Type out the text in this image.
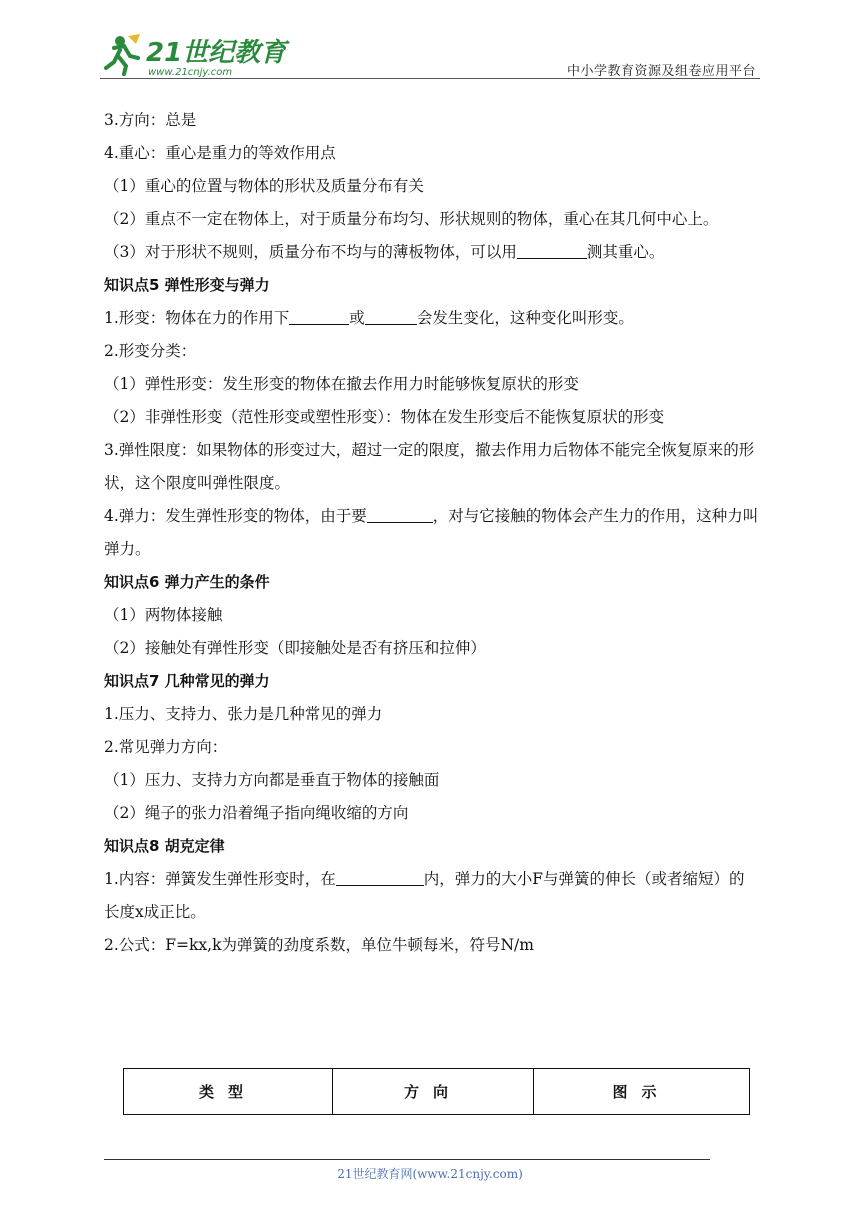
21世纪教育
www.21cnjy.com	中小学教育资源及组卷应用平台
3.方向：总是
4.重心：重心是重力的等效作用点
（1）重心的位置与物体的形状及质量分布有关
（2）重点不一定在物体上，对于质量分布均匀、形状规则的物体，重心在其几何中心上。
（3）对于形状不规则，质量分布不均与的薄板物体，可以用	测其重心。
知识点5 弹性形变与弹力
1.形变：物体在力的作用下	或	会发生变化，这种变化叫形变。
2.形变分类：
（1）弹性形变：发生形变的物体在撤去作用力时能够恢复原状的形变
（2）非弹性形变（范性形变或塑性形变）：物体在发生形变后不能恢复原状的形变
3.弹性限度：如果物体的形变过大，超过一定的限度，撤去作用力后物体不能完全恢复原来的形状，这个限度叫弹性限度。
4.弹力：发生弹性形变的物体，由于要	，对与它接触的物体会产生力的作用，这种力叫弹力。
知识点6 弹力产生的条件
（1）两物体接触
（2）接触处有弹性形变（即接触处是否有挤压和拉伸）
知识点7 几种常见的弹力
1.压力、支持力、张力是几种常见的弹力
2.常见弹力方向：
（1）压力、支持力方向都是垂直于物体的接触面
（2）绳子的张力沿着绳子指向绳收缩的方向
知识点8 胡克定律
1.内容：弹簧发生弹性形变时，在	内，弹力的大小F与弹簧的伸长（或者缩短）的长度x成正比。
2.公式：F=kx,k为弹簧的劲度系数，单位牛顿每米，符号N/m
类型	方向	图示
21世纪教育网(www.21cnjy.com)
